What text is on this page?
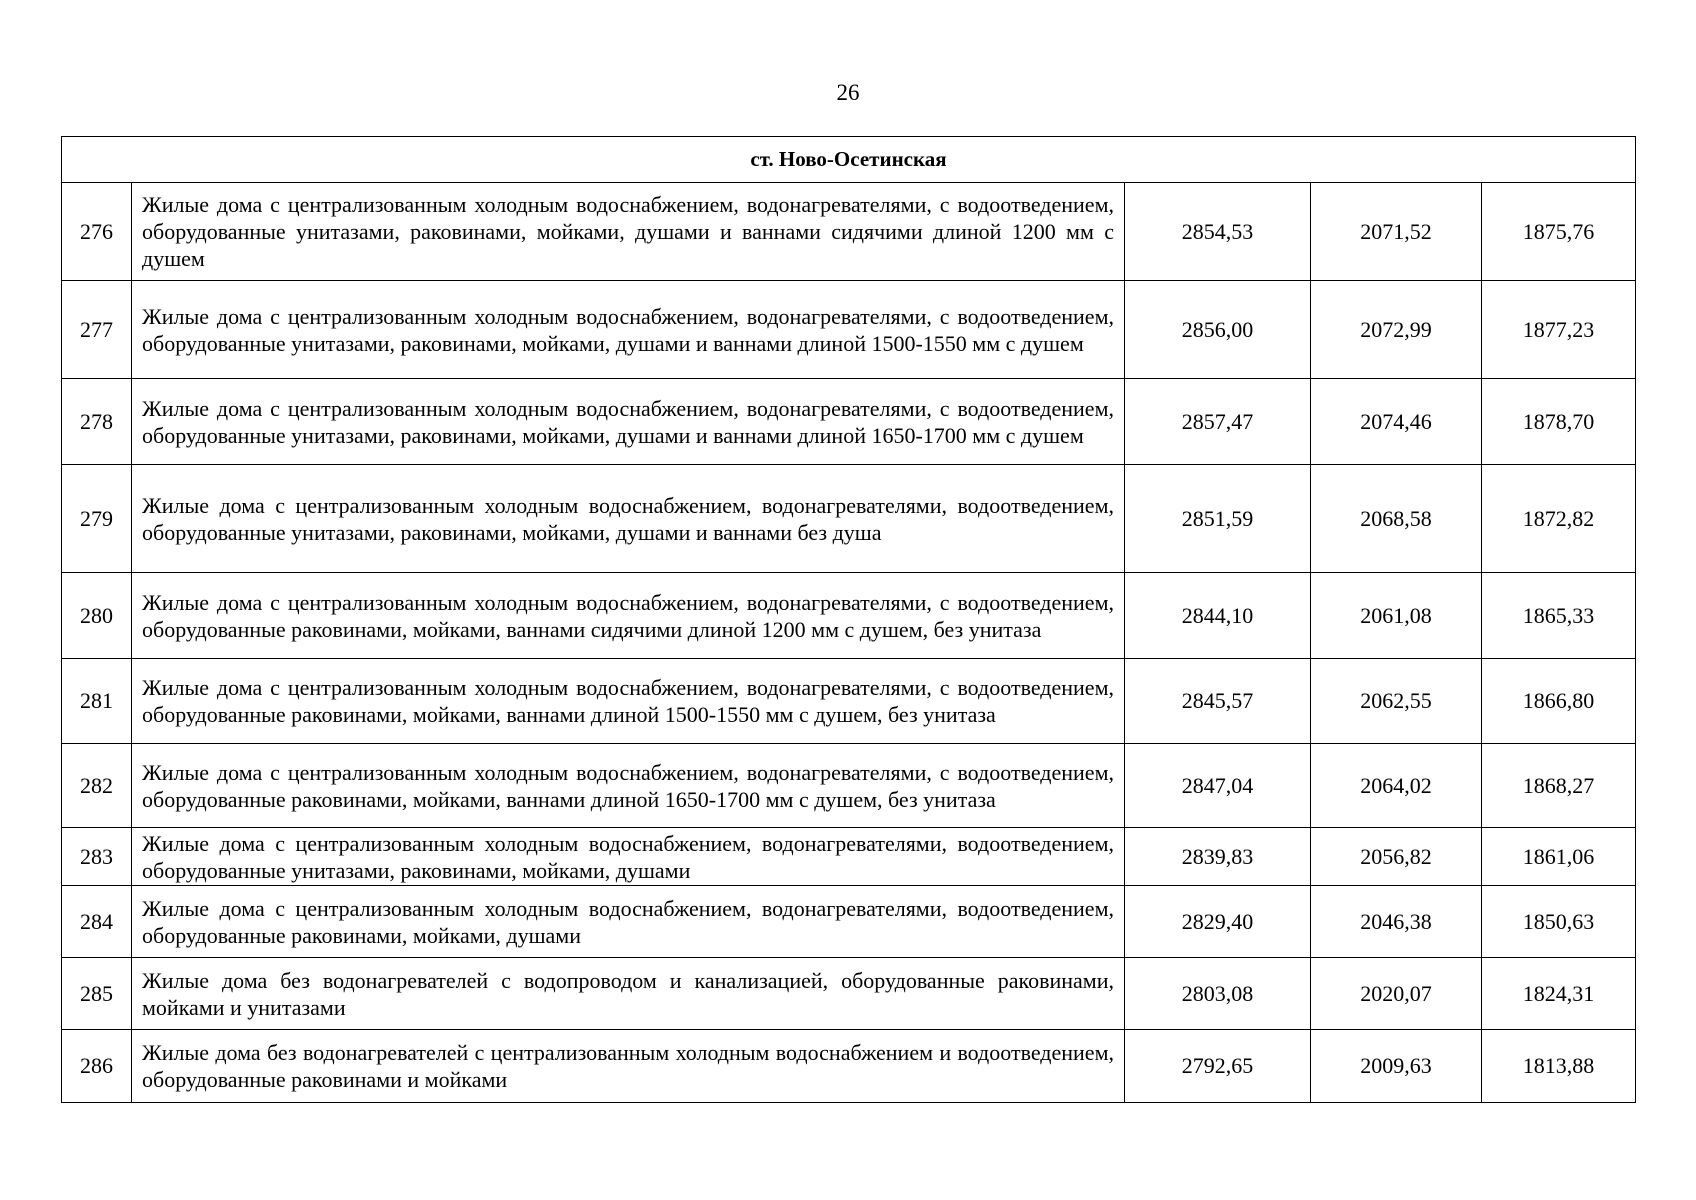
26
ст. Ново-Осетинская				
276	Жилые дома с централизованным холодным водоснабжением, водонагревателями, с водоотведением, оборудованные унитазами, раковинами, мойками, душами и ваннами сидячими длиной 1200 мм с душем	2854,53	2071,52	1875,76
277	Жилые дома с централизованным холодным водоснабжением, водонагревателями, с водоотведением, оборудованные унитазами, раковинами, мойками, душами и ваннами длиной 1500-1550 мм с душем	2856,00	2072,99	1877,23
278	Жилые дома с централизованным холодным водоснабжением, водонагревателями, с водоотведением, оборудованные унитазами, раковинами, мойками, душами и ваннами длиной 1650-1700 мм с душем	2857,47	2074,46	1878,70
279	Жилые дома с централизованным холодным водоснабжением, водонагревателями, водоотведением, оборудованные унитазами, раковинами, мойками, душами и ваннами без душа	2851,59	2068,58	1872,82
280	Жилые дома с централизованным холодным водоснабжением, водонагревателями, с водоотведением, оборудованные раковинами, мойками, ваннами сидячими длиной 1200 мм с душем, без унитаза	2844,10	2061,08	1865,33
281	Жилые дома с централизованным холодным водоснабжением, водонагревателями, с водоотведением, оборудованные раковинами, мойками, ваннами длиной 1500-1550 мм с душем, без унитаза	2845,57	2062,55	1866,80
282	Жилые дома с централизованным холодным водоснабжением, водонагревателями, с водоотведением, оборудованные раковинами, мойками, ваннами длиной 1650-1700 мм с душем, без унитаза	2847,04	2064,02	1868,27
283	Жилые дома с централизованным холодным водоснабжением, водонагревателями, водоотведением, оборудованные унитазами, раковинами, мойками, душами	2839,83	2056,82	1861,06
284	Жилые дома с централизованным холодным водоснабжением, водонагревателями, водоотведением, оборудованные раковинами, мойками, душами	2829,40	2046,38	1850,63
285	Жилые дома без водонагревателей с водопроводом и канализацией, оборудованные раковинами, мойками и унитазами	2803,08	2020,07	1824,31
286	Жилые дома без водонагревателей с централизованным холодным водоснабжением и водоотведением, оборудованные раковинами и мойками	2792,65	2009,63	1813,88
